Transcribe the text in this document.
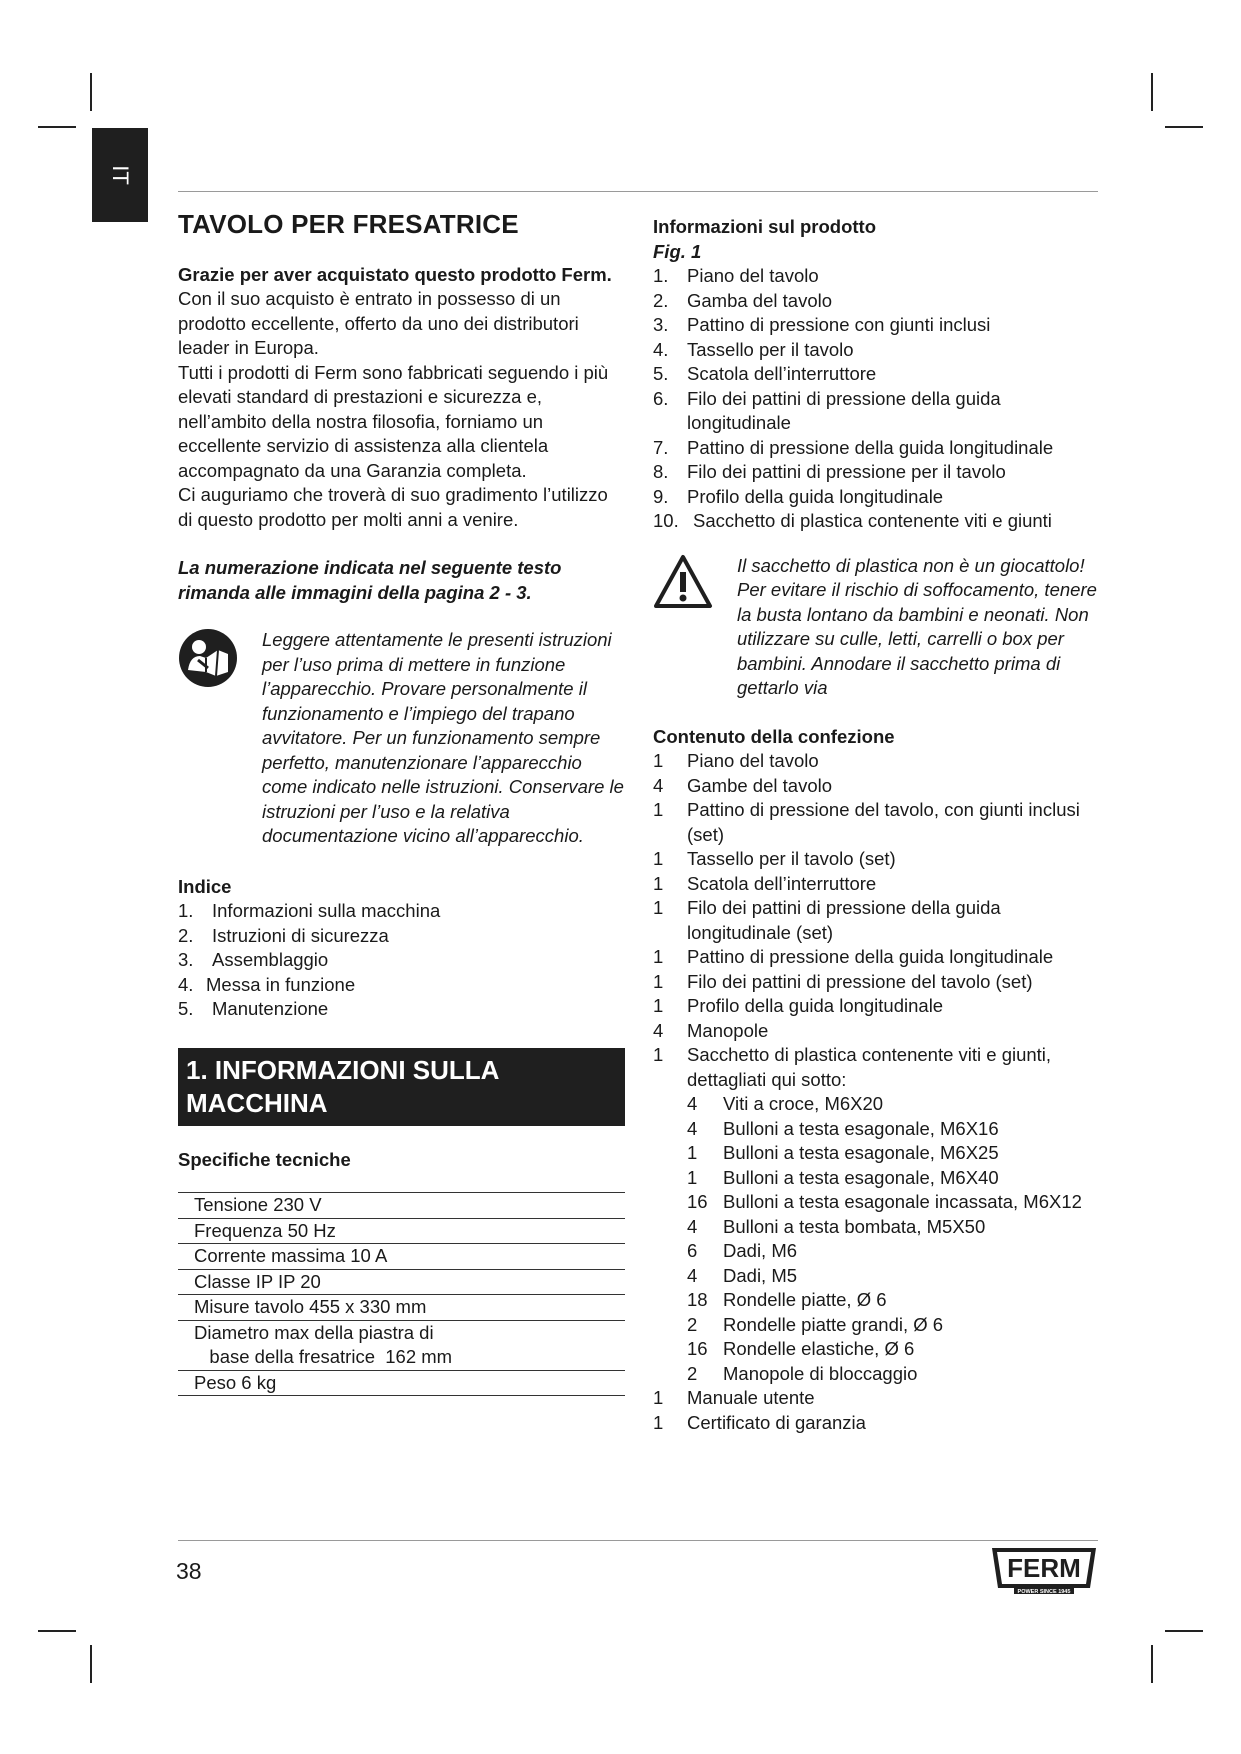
IT
TAVOLO PER FRESATRICE

Grazie per aver acquistato questo prodotto Ferm.

Con il suo acquisto è entrato in possesso di un prodotto eccellente, offerto da uno dei distributori leader in Europa.

Tutti i prodotti di Ferm sono fabbricati seguendo i più elevati standard di prestazioni e sicurezza e, nell’ambito della nostra filosofia, forniamo un eccellente servizio di assistenza alla clientela accompagnato da una Garanzia completa.

Ci auguriamo che troverà di suo gradimento l’utilizzo di questo prodotto per molti anni a venire.

La numerazione indicata nel seguente testo rimanda alle immagini della pagina 2 - 3.

Leggere attentamente le presenti istruzioni per l’uso prima di mettere in funzione l’apparecchio. Provare personalmente il funzionamento e l’impiego del trapano avvitatore. Per un funzionamento sempre perfetto, manutenzionare l’apparecchio come indicato nelle istruzioni. Conservare le istruzioni per l’uso e la relativa documentazione vicino all’apparecchio.

Indice

1.	Informazioni sulla macchina
2.	Istruzioni di sicurezza
3.	Assemblaggio
4. Messa in funzione
5.	Manutenzione
1. INFORMAZIONI SULLA MACCHINA

Specifiche tecniche

Tensione 230 V
Frequenza 50 Hz
Corrente massima 10 A
Classe IP IP 20
Misure tavolo 455 x 330 mm
Diametro max della piastra di
base della fresatrice  162 mm
Peso 6 kg

Informazioni sul prodotto

Fig. 1

1.	Piano del tavolo
2.	Gamba del tavolo
3.	Pattino di pressione con giunti inclusi
4.	Tassello per il tavolo
5.	Scatola dell’interruttore
6.	Filo dei pattini di pressione della guida longitudinale
7.	Pattino di pressione della guida longitudinale
8.	Filo dei pattini di pressione per il tavolo
9.	Profilo della guida longitudinale
10. Sacchetto di plastica contenente viti e giunti

Il sacchetto di plastica non è un giocattolo! Per evitare il rischio di soffocamento, tenere la busta lontano da bambini e neonati. Non utilizzare su culle, letti, carrelli o box per bambini. Annodare il sacchetto prima di gettarlo via

Contenuto della confezione

1	Piano del tavolo
4	Gambe del tavolo
1	Pattino di pressione del tavolo, con giunti inclusi (set)
1	Tassello per il tavolo (set)
1	Scatola dell’interruttore
1	Filo dei pattini di pressione della guida longitudinale (set)
1	Pattino di pressione della guida longitudinale
1	Filo dei pattini di pressione del tavolo (set)
1	Profilo della guida longitudinale
4	Manopole
1	Sacchetto di plastica contenente viti e giunti, dettagliati qui sotto:
4	Viti a croce, M6X20
4	Bulloni a testa esagonale, M6X16
1	Bulloni a testa esagonale, M6X25
1	Bulloni a testa esagonale, M6X40
16 Bulloni a testa esagonale incassata, M6X12
4	Bulloni a testa bombata, M5X50
6	Dadi, M6
4	Dadi, M5
18 Rondelle piatte, Ø 6
2	Rondelle piatte grandi, Ø 6
16 Rondelle elastiche, Ø 6
2	Manopole di bloccaggio
1	Manuale utente
1	Certificato di garanzia
38	FERM
POWER SINCE 1945
